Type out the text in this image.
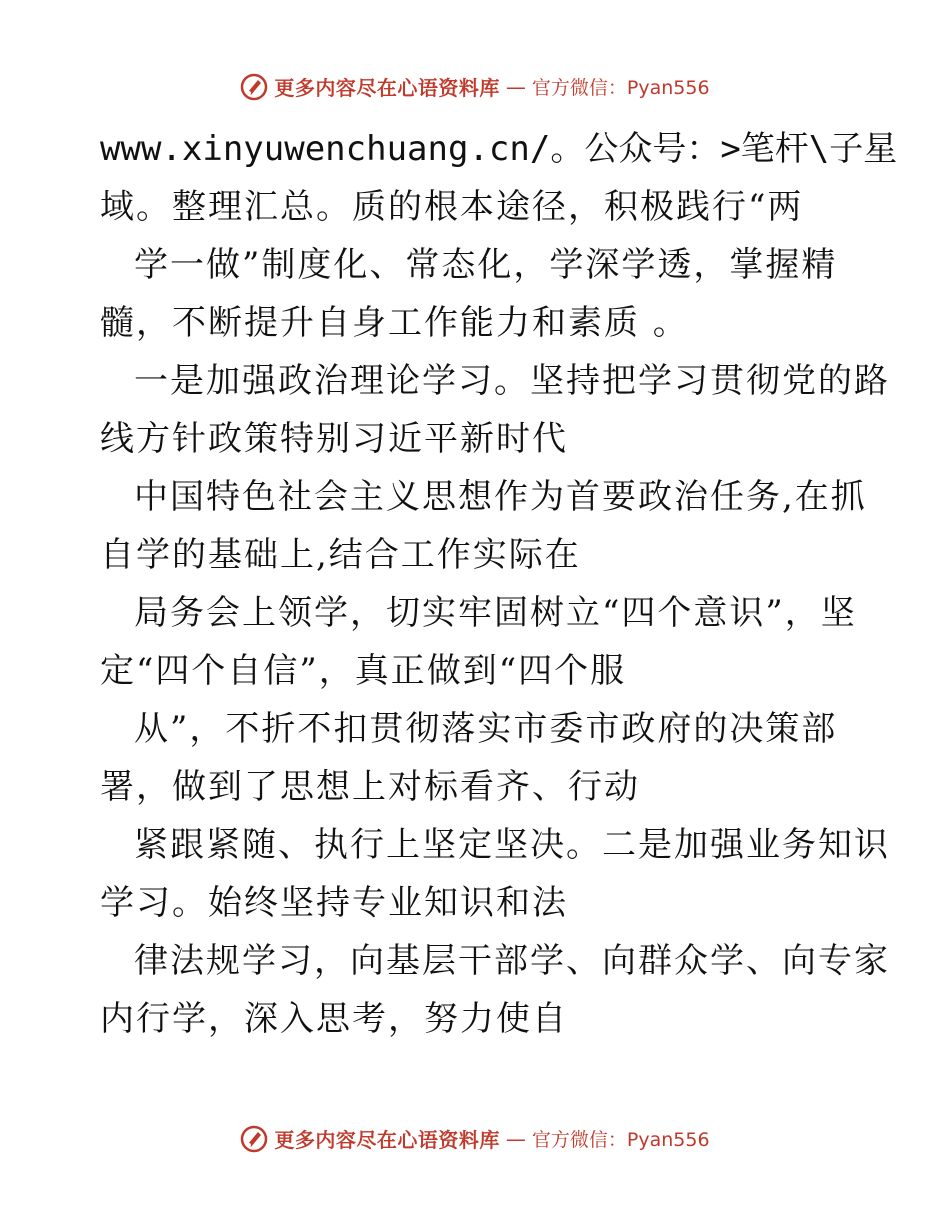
更多内容尽在心语资料库 — 官方微信：Pyan556
www.xinyuwenchuang.cn/。公众号：>笔杆\子星
域。整理汇总。质的根本途径，积极践行“两
学一做”制度化、常态化，学深学透，掌握精
髓，不断提升自身工作能力和素质 。
一是加强政治理论学习。坚持把学习贯彻党的路
线方针政策特别习近平新时代
中国特色社会主义思想作为首要政治任务,在抓
自学的基础上,结合工作实际在
局务会上领学，切实牢固树立“四个意识”，坚
定“四个自信”，真正做到“四个服
从”，不折不扣贯彻落实市委市政府的决策部
署，做到了思想上对标看齐、行动
紧跟紧随、执行上坚定坚决。二是加强业务知识
学习。始终坚持专业知识和法
律法规学习，向基层干部学、向群众学、向专家
内行学，深入思考，努力使自
更多内容尽在心语资料库 — 官方微信：Pyan556
